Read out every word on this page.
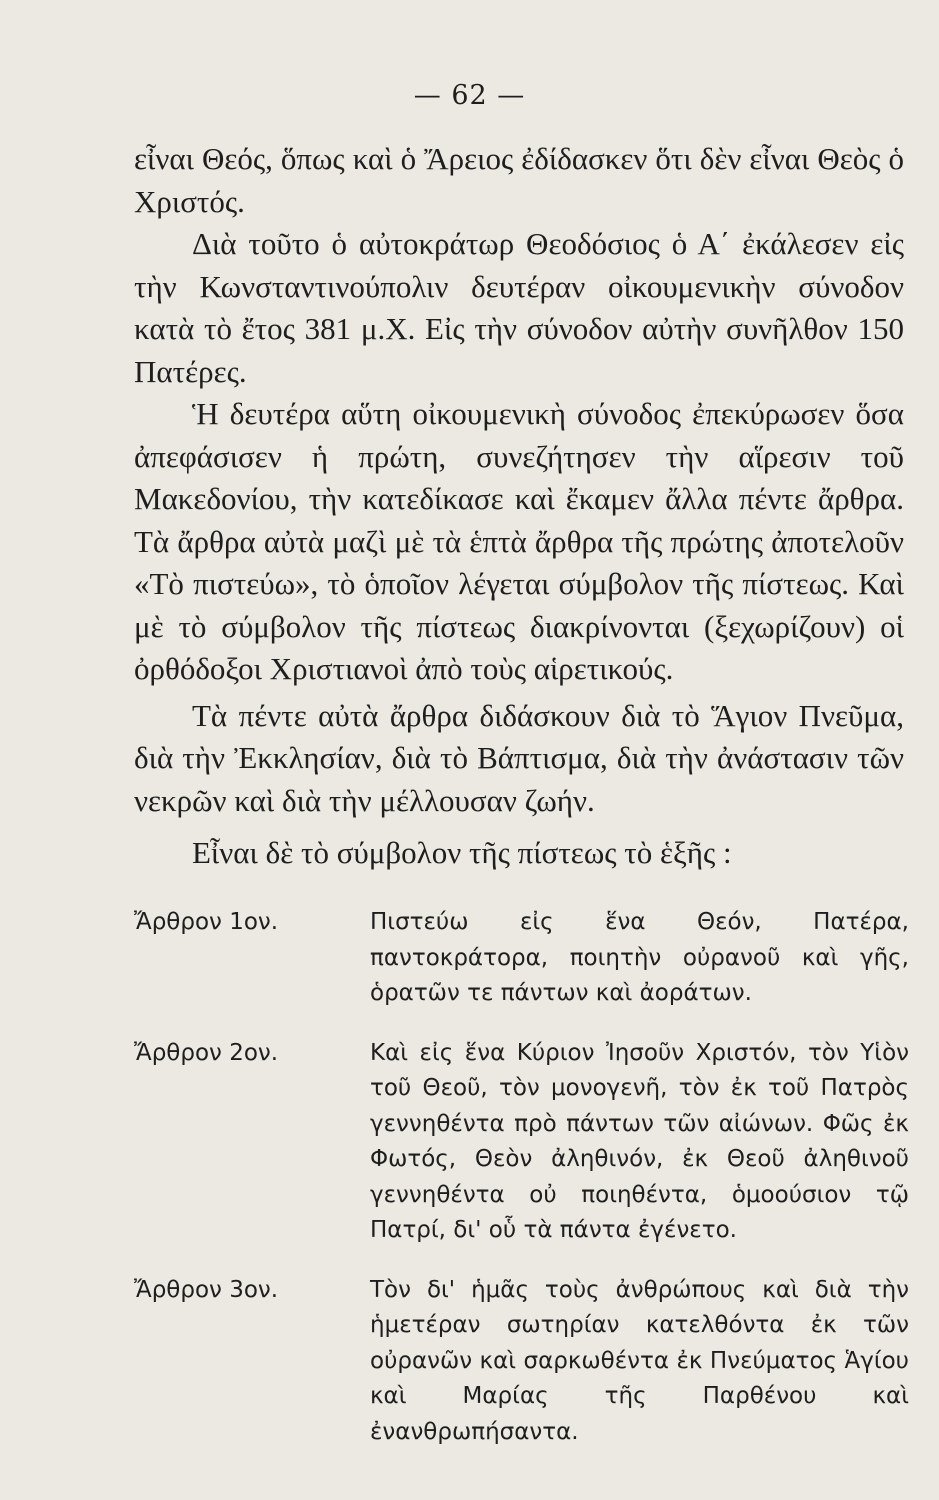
— 62 —

εἶναι Θεός, ὅπως καὶ ὁ Ἄρειος ἐδίδασκεν ὅτι δὲν εἶναι Θεὸς ὁ Χριστός.

Διὰ τοῦτο ὁ αὐτοκράτωρ Θεοδόσιος ὁ Α΄ ἐκάλεσεν εἰς τὴν Κωνσταντινούπολιν δευτέραν οἰκουμενικὴν σύνοδον κατὰ τὸ ἔτος 381 μ.Χ. Εἰς τὴν σύνοδον αὐτὴν συνῆλθον 150 Πατέρες.

Ἡ δευτέρα αὕτη οἰκουμενικὴ σύνοδος ἐπεκύρωσεν ὅσα ἀπεφάσισεν ἡ πρώτη, συνεζήτησεν τὴν αἵρεσιν τοῦ Μακεδονίου, τὴν κατεδίκασε καὶ ἔκαμεν ἄλλα πέντε ἄρθρα. Τὰ ἄρθρα αὐτὰ μαζὶ μὲ τὰ ἑπτὰ ἄρθρα τῆς πρώτης ἀποτελοῦν «Τὸ πιστεύω», τὸ ὁποῖον λέγεται σύμβολον τῆς πίστεως. Καὶ μὲ τὸ σύμβολον τῆς πίστεως διακρίνονται (ξεχωρίζουν) οἱ ὀρθόδοξοι Χριστιανοὶ ἀπὸ τοὺς αἱρετικούς.

Τὰ πέντε αὐτὰ ἄρθρα διδάσκουν διὰ τὸ Ἅγιον Πνεῦμα, διὰ τὴν Ἐκκλησίαν, διὰ τὸ Βάπτισμα, διὰ τὴν ἀνάστασιν τῶν νεκρῶν καὶ διὰ τὴν μέλλουσαν ζωήν.

Εἶναι δὲ τὸ σύμβολον τῆς πίστεως τὸ ἑξῆς :

Ἄρθρον 1ον.	Πιστεύω εἰς ἕνα Θεόν, Πατέρα, παντοκράτορα, ποιητὴν οὐρανοῦ καὶ γῆς, ὁρατῶν τε πάντων καὶ ἀοράτων.
Ἄρθρον 2ον.	Καὶ εἰς ἕνα Κύριον Ἰησοῦν Χριστόν, τὸν Υἱὸν τοῦ Θεοῦ, τὸν μονογενῆ, τὸν ἐκ τοῦ Πατρὸς γεννηθέντα πρὸ πάντων τῶν αἰώνων. Φῶς ἐκ Φωτός, Θεὸν ἀληθινόν, ἐκ Θεοῦ ἀληθινοῦ γεννηθέντα οὐ ποιηθέντα, ὁμοούσιον τῷ Πατρί, δι' οὗ τὰ πάντα ἐγένετο.
Ἄρθρον 3ον.	Τὸν δι' ἡμᾶς τοὺς ἀνθρώπους καὶ διὰ τὴν ἡμετέραν σωτηρίαν κατελθόντα ἐκ τῶν οὐρανῶν καὶ σαρκωθέντα ἐκ Πνεύματος Ἁγίου καὶ Μαρίας τῆς Παρθένου καὶ ἐνανθρωπήσαντα.
